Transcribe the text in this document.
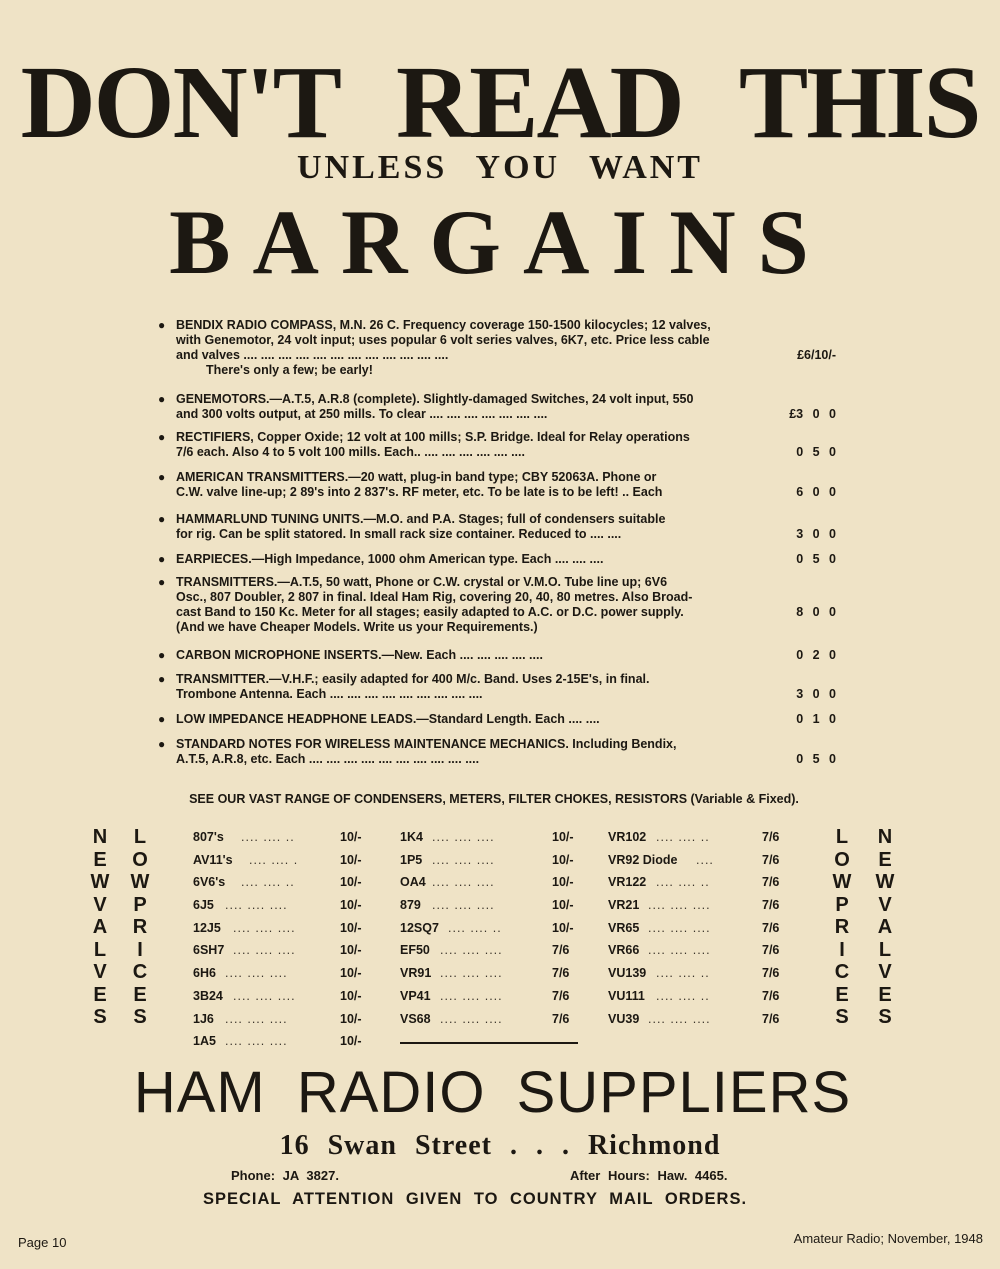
DON'T READ THIS
UNLESS YOU WANT
BARGAINS
● BENDIX RADIO COMPASS, M.N. 26 C. Frequency coverage 150-1500 kilocycles; 12 valves,
with Genemotor, 24 volt input; uses popular 6 volt series valves, 6K7, etc. Price less cable
and valves .... .... .... .... .... .... .... .... .... .... .... ....
There's only a few; be early!
£6/10/-
● GENEMOTORS.—A.T.5, A.R.8 (complete). Slightly-damaged Switches, 24 volt input, 550
and 300 volts output, at 250 mills. To clear .... .... .... .... .... .... ....	£3 0 0
● RECTIFIERS, Copper Oxide; 12 volt at 100 mills; S.P. Bridge. Ideal for Relay operations
7/6 each. Also 4 to 5 volt 100 mills. Each.. .... .... .... .... .... ....	0 5 0
● AMERICAN TRANSMITTERS.—20 watt, plug-in band type; CBY 52063A. Phone or
C.W. valve line-up; 2 89's into 2 837's. RF meter, etc. To be late is to be left! .. Each	6 0 0
● HAMMARLUND TUNING UNITS.—M.O. and P.A. Stages; full of condensers suitable
for rig. Can be split statored. In small rack size container. Reduced to .... ....	3 0 0
● EARPIECES.—High Impedance, 1000 ohm American type. Each .... .... ....	0 5 0
● TRANSMITTERS.—A.T.5, 50 watt, Phone or C.W. crystal or V.M.O. Tube line up; 6V6
Osc., 807 Doubler, 2 807 in final. Ideal Ham Rig, covering 20, 40, 80 metres. Also Broad-
cast Band to 150 Kc. Meter for all stages; easily adapted to A.C. or D.C. power supply.
(And we have Cheaper Models. Write us your Requirements.)
8 0 0
● CARBON MICROPHONE INSERTS.—New. Each .... .... .... .... ....	0 2 0
● TRANSMITTER.—V.H.F.; easily adapted for 400 M/c. Band. Uses 2-15E's, in final.
Trombone Antenna. Each .... .... .... .... .... .... .... .... ....	3 0 0
● LOW IMPEDANCE HEADPHONE LEADS.—Standard Length. Each .... ....	0 1 0
● STANDARD NOTES FOR WIRELESS MAINTENANCE MECHANICS. Including Bendix,
A.T.5, A.R.8, etc. Each .... .... .... .... .... .... .... .... .... ....	0 5 0
SEE OUR VAST RANGE OF CONDENSERS, METERS, FILTER CHOKES, RESISTORS (Variable & Fixed).
N
E
W
V
A
L
V
E
S
L
O
W
P
R
I
C
E
S
L
O
W
P
R
I
C
E
S
N
E
W
V
A
L
V
E
S
807's .... .... ..	10/-
AV11's .... .... .	10/-
6V6's .... .... ..	10/-
6J5 .... .... ....	10/-
12J5 .... .... ....	10/-
6SH7 .... .... ....	10/-
6H6 .... .... ....	10/-
3B24 .... .... ....	10/-
1J6 .... .... ....	10/-
1A5 .... .... ....	10/-
1K4 .... .... ....	10/-
1P5 .... .... ....	10/-
OA4 .... .... ....	10/-
879 .... .... ....	10/-
12SQ7 .... .... ..	10/-
EF50 .... .... ....	7/6
VR91 .... .... ....	7/6
VP41 .... .... ....	7/6
VS68 .... .... ....	7/6
VR102 .... .... ..	7/6
VR92 Diode ....	7/6
VR122 .... .... ..	7/6
VR21 .... .... ....	7/6
VR65 .... .... ....	7/6
VR66 .... .... ....	7/6
VU139 .... .... ..	7/6
VU111 .... .... ..	7/6
VU39 .... .... ....	7/6
HAM RADIO SUPPLIERS
16 Swan Street . . . Richmond
Phone: JA 3827.	After Hours: Haw. 4465.
SPECIAL ATTENTION GIVEN TO COUNTRY MAIL ORDERS.
Page 10	Amateur Radio; November, 1948
